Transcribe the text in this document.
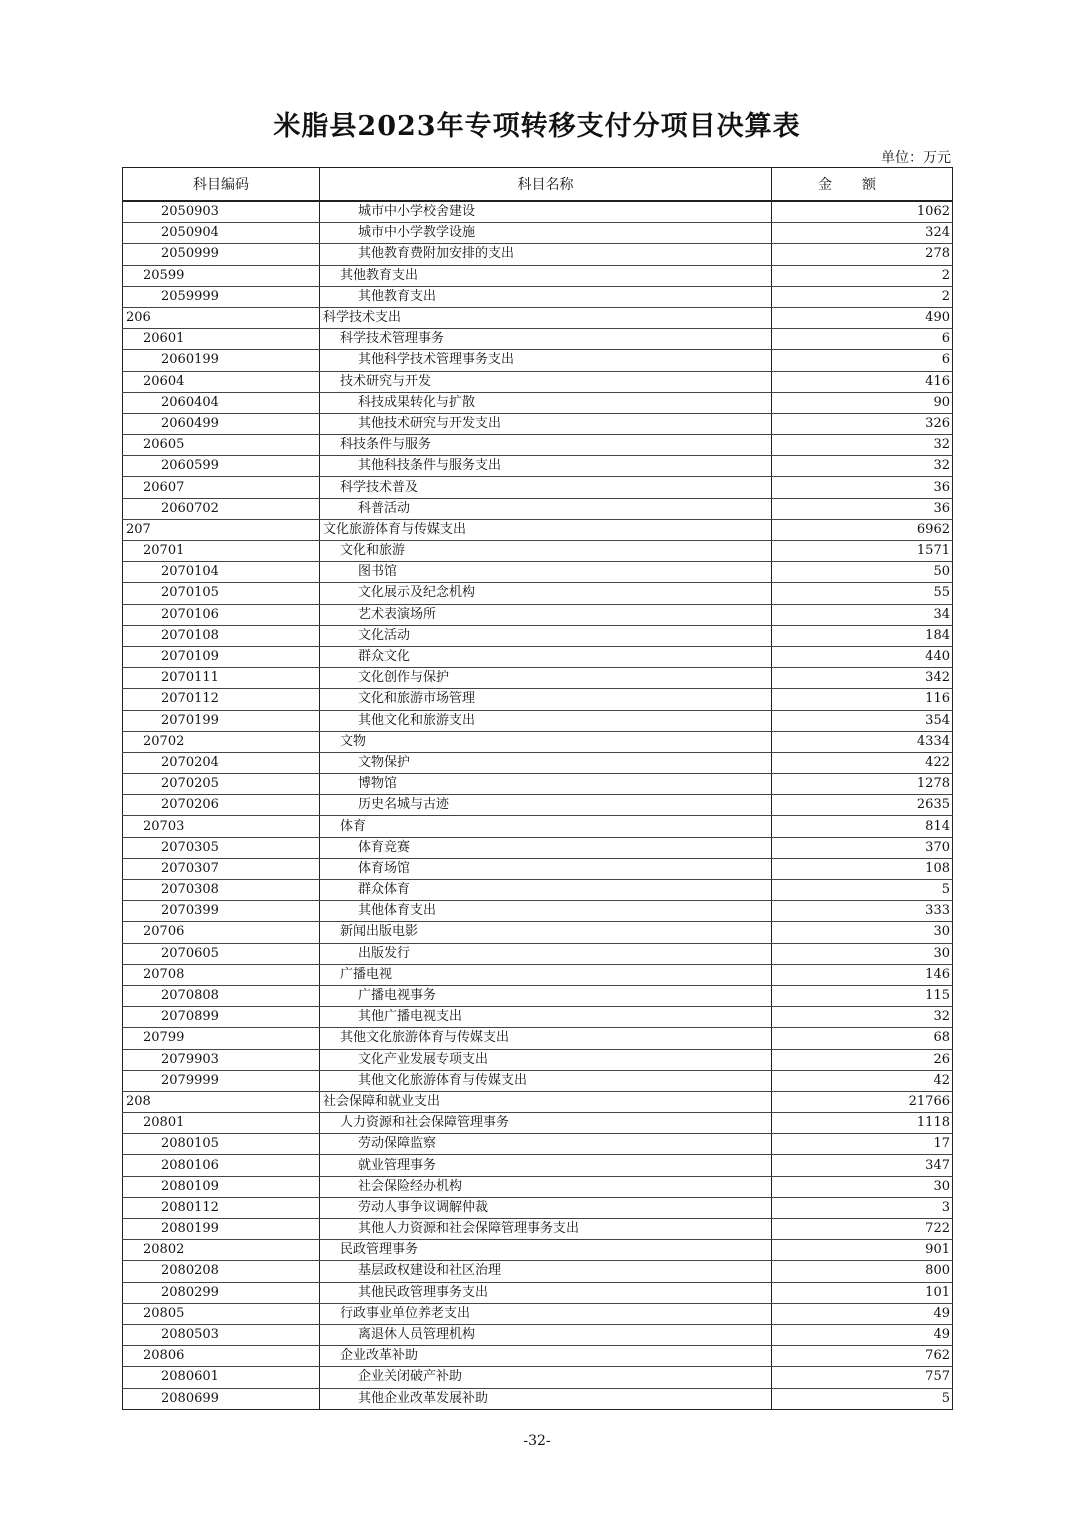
米脂县2023年专项转移支付分项目决算表
单位：万元
科目编码	科目名称	金额
2050903	城市中小学校舍建设	1062
2050904	城市中小学教学设施	324
2050999	其他教育费附加安排的支出	278
20599	其他教育支出	2
2059999	其他教育支出	2
206	科学技术支出	490
20601	科学技术管理事务	6
2060199	其他科学技术管理事务支出	6
20604	技术研究与开发	416
2060404	科技成果转化与扩散	90
2060499	其他技术研究与开发支出	326
20605	科技条件与服务	32
2060599	其他科技条件与服务支出	32
20607	科学技术普及	36
2060702	科普活动	36
207	文化旅游体育与传媒支出	6962
20701	文化和旅游	1571
2070104	图书馆	50
2070105	文化展示及纪念机构	55
2070106	艺术表演场所	34
2070108	文化活动	184
2070109	群众文化	440
2070111	文化创作与保护	342
2070112	文化和旅游市场管理	116
2070199	其他文化和旅游支出	354
20702	文物	4334
2070204	文物保护	422
2070205	博物馆	1278
2070206	历史名城与古迹	2635
20703	体育	814
2070305	体育竞赛	370
2070307	体育场馆	108
2070308	群众体育	5
2070399	其他体育支出	333
20706	新闻出版电影	30
2070605	出版发行	30
20708	广播电视	146
2070808	广播电视事务	115
2070899	其他广播电视支出	32
20799	其他文化旅游体育与传媒支出	68
2079903	文化产业发展专项支出	26
2079999	其他文化旅游体育与传媒支出	42
208	社会保障和就业支出	21766
20801	人力资源和社会保障管理事务	1118
2080105	劳动保障监察	17
2080106	就业管理事务	347
2080109	社会保险经办机构	30
2080112	劳动人事争议调解仲裁	3
2080199	其他人力资源和社会保障管理事务支出	722
20802	民政管理事务	901
2080208	基层政权建设和社区治理	800
2080299	其他民政管理事务支出	101
20805	行政事业单位养老支出	49
2080503	离退休人员管理机构	49
20806	企业改革补助	762
2080601	企业关闭破产补助	757
2080699	其他企业改革发展补助	5
-32-
